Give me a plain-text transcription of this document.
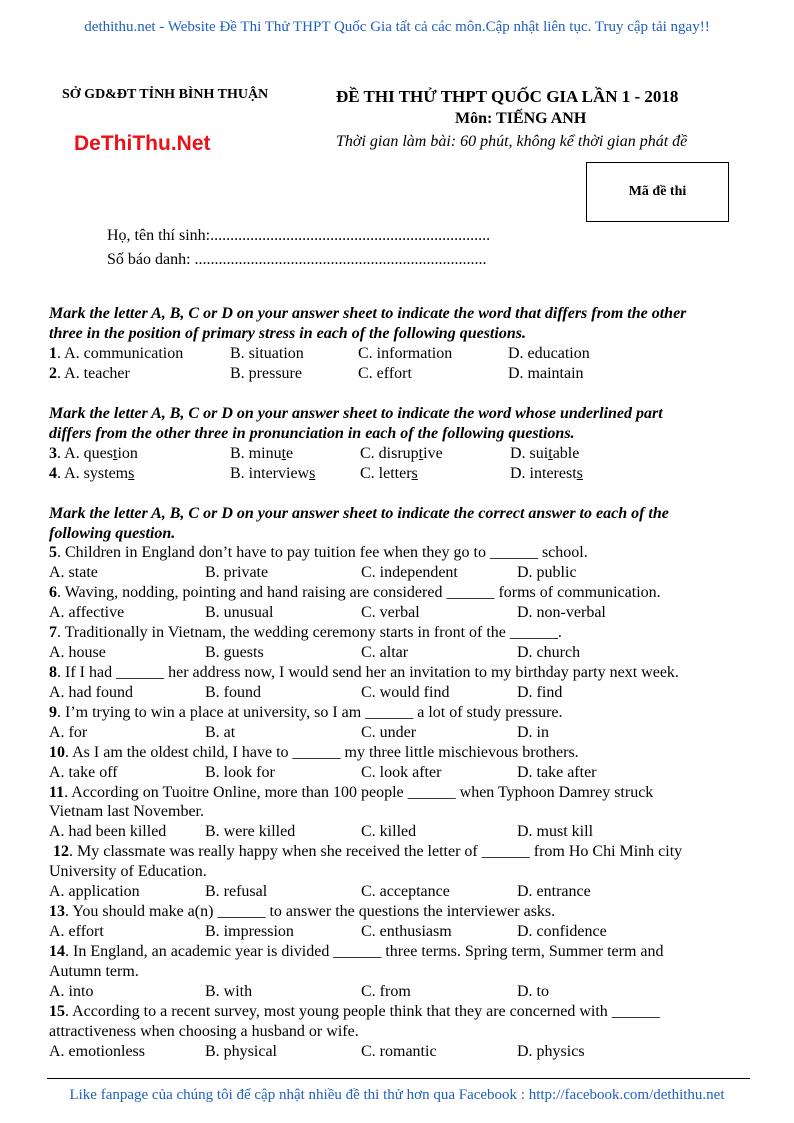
dethithu.net - Website Đề Thi Thử THPT Quốc Gia tất cả các môn.Cập nhật liên tục. Truy cập tải ngay!!
SỞ GD&ĐT TỈNH BÌNH THUẬN	ĐỀ THI THỬ THPT QUỐC GIA LẦN 1 - 2018
Môn: TIẾNG ANH
DeThiThu.Net	Thời gian làm bài: 60 phút, không kể thời gian phát đề
Mã đề thi
Họ, tên thí sinh:......................................................................
Số báo danh: .........................................................................
Mark the letter A, B, C or D on your answer sheet to indicate the word that differs from the other
three in the position of primary stress in each of the following questions.
1. A. communication	B. situation	C. information	D. education
2. A. teacher	B. pressure	C. effort	D. maintain
Mark the letter A, B, C or D on your answer sheet to indicate the word whose underlined part
differs from the other three in pronunciation in each of the following questions.
3. A. question	B. minute	C. disruptive	D. suitable
4. A. systems	B. interviews	C. letters	D. interests
Mark the letter A, B, C or D on your answer sheet to indicate the correct answer to each of the
following question.
5. Children in England don’t have to pay tuition fee when they go to ______ school.
A. state	B. private	C. independent	D. public
6. Waving, nodding, pointing and hand raising are considered ______ forms of communication.
A. affective	B. unusual	C. verbal	D. non-verbal
7. Traditionally in Vietnam, the wedding ceremony starts in front of the ______.
A. house	B. guests	C. altar	D. church
8. If I had ______ her address now, I would send her an invitation to my birthday party next week.
A. had found	B. found	C. would find	D. find
9. I’m trying to win a place at university, so I am ______ a lot of study pressure.
A. for	B. at	C. under	D. in
10. As I am the oldest child, I have to ______ my three little mischievous brothers.
A. take off	B. look for	C. look after	D. take after
11. According on Tuoitre Online, more than 100 people ______ when Typhoon Damrey struck
Vietnam last November.
A. had been killed B. were killed	C. killed	D. must kill
12. My classmate was really happy when she received the letter of ______ from Ho Chi Minh city
University of Education.
A. application	B. refusal	C. acceptance	D. entrance
13. You should make a(n) ______ to answer the questions the interviewer asks.
A. effort	B. impression	C. enthusiasm	D. confidence
14. In England, an academic year is divided ______ three terms. Spring term, Summer term and
Autumn term.
A. into	B. with	C. from	D. to
15. According to a recent survey, most young people think that they are concerned with ______
attractiveness when choosing a husband or wife.
A. emotionless	B. physical	C. romantic	D. physics
Like fanpage của chúng tôi để cập nhật nhiều đề thi thử hơn qua Facebook : http://facebook.com/dethithu.net
